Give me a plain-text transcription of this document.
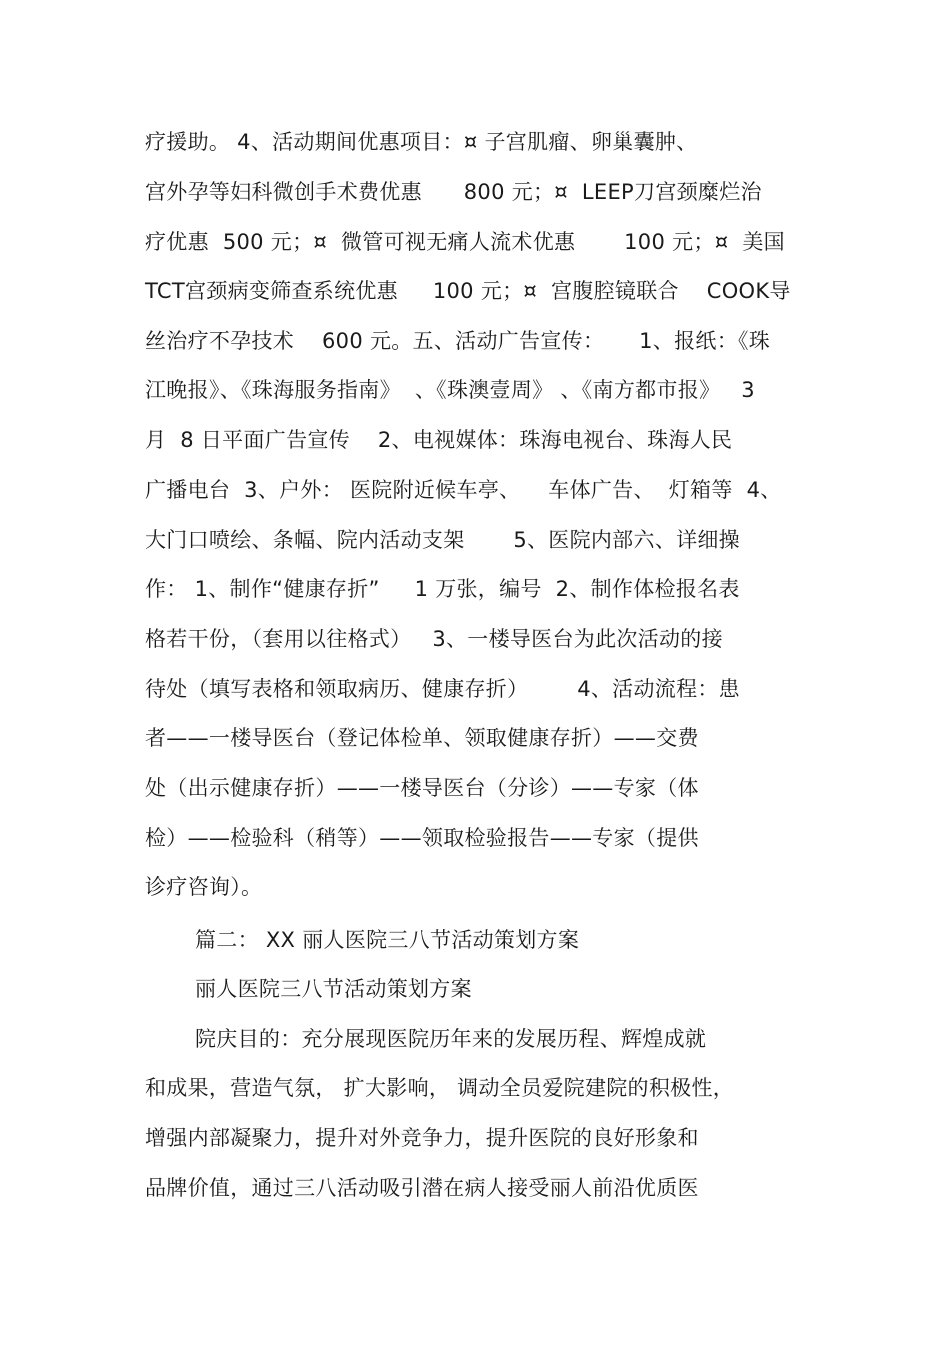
疗援助。 4、活动期间优惠项目：¤ 子宫肌瘤、卵巢囊肿、
宫外孕等妇科微创手术费优惠      800 元；¤  LEEP刀宫颈糜烂治
疗优惠  500 元；¤  微管可视无痛人流术优惠       100 元；¤  美国
TCT宫颈病变筛查系统优惠     100 元；¤  宫腹腔镜联合    COOK导
丝治疗不孕技术    600 元。五、活动广告宣传：     1、报纸：《珠
江晚报》、《珠海服务指南》  、《珠澳壹周》 、《南方都市报》   3
月  8 日平面广告宣传    2、电视媒体：珠海电视台、珠海人民
广播电台  3、户外： 医院附近候车亭、    车体广告、  灯箱等  4、
大门口喷绘、条幅、院内活动支架       5、医院内部六、详细操
作： 1、制作“健康存折”     1 万张，编号  2、制作体检报名表
格若干份，（套用以往格式）   3、一楼导医台为此次活动的接
待处（填写表格和领取病历、健康存折）       4、活动流程：患
者——一楼导医台（登记体检单、领取健康存折）——交费
处（出示健康存折）——一楼导医台（分诊）——专家（体
检）——检验科（稍等）——领取检验报告——专家（提供
诊疗咨询）。
篇二： XX 丽人医院三八节活动策划方案
丽人医院三八节活动策划方案
院庆目的：充分展现医院历年来的发展历程、辉煌成就
和成果，营造气氛， 扩大影响， 调动全员爱院建院的积极性，
增强内部凝聚力，提升对外竞争力，提升医院的良好形象和
品牌价值，通过三八活动吸引潜在病人接受丽人前沿优质医
